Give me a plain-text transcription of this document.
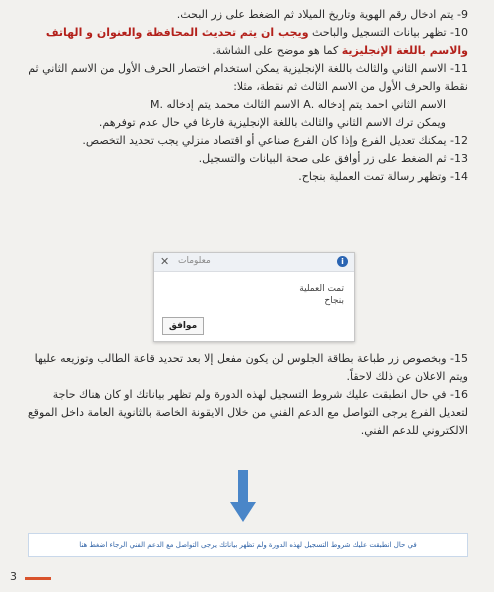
9- يتم ادخال رقم الهوية وتاريخ الميلاد ثم الضغط على زر البحث.

10- تظهر بيانات التسجيل والباحث ويجب ان يتم تحديث المحافظة والعنوان و الهاتف والاسم باللغة الإنجليزية كما هو موضح على الشاشة.

11- الاسم الثاني والثالث باللغة الإنجليزية يمكن استخدام اختصار الحرف الأول من الاسم الثاني ثم نقطة والحرف الأول من الاسم الثالث ثم نقطة، مثلا:

الاسم الثاني احمد يتم إدخاله .A الاسم الثالث محمد يتم إدخاله .M

ويمكن ترك الاسم الثاني والثالث باللغة الإنجليزية فارغا في حال عدم توفرهم.

12- يمكنك تعديل الفرع وإذا كان الفرع صناعي أو اقتصاد منزلي يجب تحديد التخصص.

13- ثم الضغط على زر أوافق على صحة البيانات والتسجيل.

14- وتظهر رسالة تمت العملية بنجاح.

✕ معلومات	i
تمت العملية
بنجاح
موافق

15- وبخصوص زر طباعة بطاقة الجلوس لن يكون مفعل إلا بعد تحديد قاعة الطالب وتوزيعه عليها ويتم الاعلان عن ذلك لاحقاً.

16- في حال انطبقت عليك شروط التسجيل لهذه الدورة ولم تظهر بياناتك او كان هناك حاجة لتعديل الفرع يرجى التواصل مع الدعم الفني من خلال الايقونة الخاصة بالثانوية العامة داخل الموقع الالكتروني للدعم الفني.

في حال انطبقت عليك شروط التسجيل لهذه الدورة ولم تظهر بياناتك يرجى التواصل مع الدعم الفني الرجاء اضغط هنا
3
